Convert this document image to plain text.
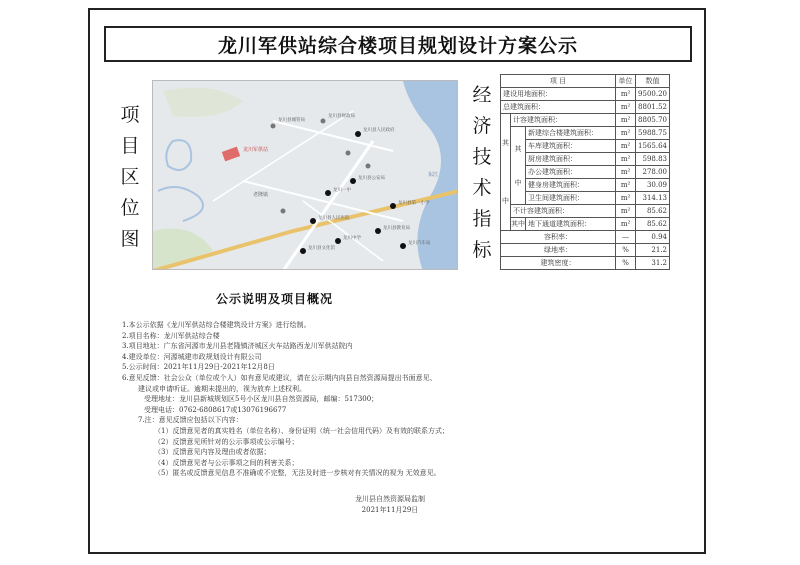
龙川军供站综合楼项目规划设计方案公示
项
目
区
位
图
龙川军供站
龙川县人民政府
龙川县公安局
龙川一中
龙川县人民医院
老隆镇
东江
龙川县第一小学
龙川中学
龙川县教育局
龙川县文化馆
龙川汽车站
龙川县城管局
龙川县财政局
经
济
技
术
指
标
项 目			单位	数值
建设用地面积：			m²	9500.20
总建筑面积：			m²	8801.52
其

中	计容建筑面积：		m²	8805.70
	其

中	新建综合楼建筑面积：	m²	5988.75
		车库建筑面积：	m²	1565.64
		厨房建筑面积：	m²	598.83
		办公建筑面积：	m²	278.00
		健身房建筑面积：	m²	30.09
		卫生间建筑面积：	m²	314.13
	不计容建筑面积：		m²	85.62
	其中	地下通道建筑面积：	m²	85.62
容积率：			—	0.94
绿地率：			%	21.2
建筑密度：			%	31.2
公示说明及项目概况
1.本公示依据《龙川军供站综合楼建筑设计方案》进行绘制。
2.项目名称：龙川军供站综合楼
3.项目地址：广东省河源市龙川县老隆镇济城区火车站路西龙川军供站院内
4.建设单位：河源城建市政规划设计有限公司
5.公示时间：2021年11月29日-2021年12月8日
6.意见反馈：社会公众（单位或个人）如有意见或建议，请在公示期内向县自然资源局提出书面意见、
建议或申请听证。逾期未提出的，视为放弃上述权利。
受理地址：龙川县新城规划区5号小区龙川县自然资源局，邮编：517300；
受理电话：0762-6808617或13076196677
7.注：意见反馈应包括以下内容：
（1）反馈意见者的真实姓名（单位名称）、身份证明（统一社会信用代码）及有效的联系方式；
（2）反馈意见所针对的公示事项或公示编号；
（3）反馈意见内容及理由或者依据；
（4）反馈意见者与公示事项之间的利害关系；
（5）匿名或反馈意见信息不准确或不完整，无法及时进一步核对有关情况的视为 无效意见。
龙川县自然资源局监制
2021年11月29日
